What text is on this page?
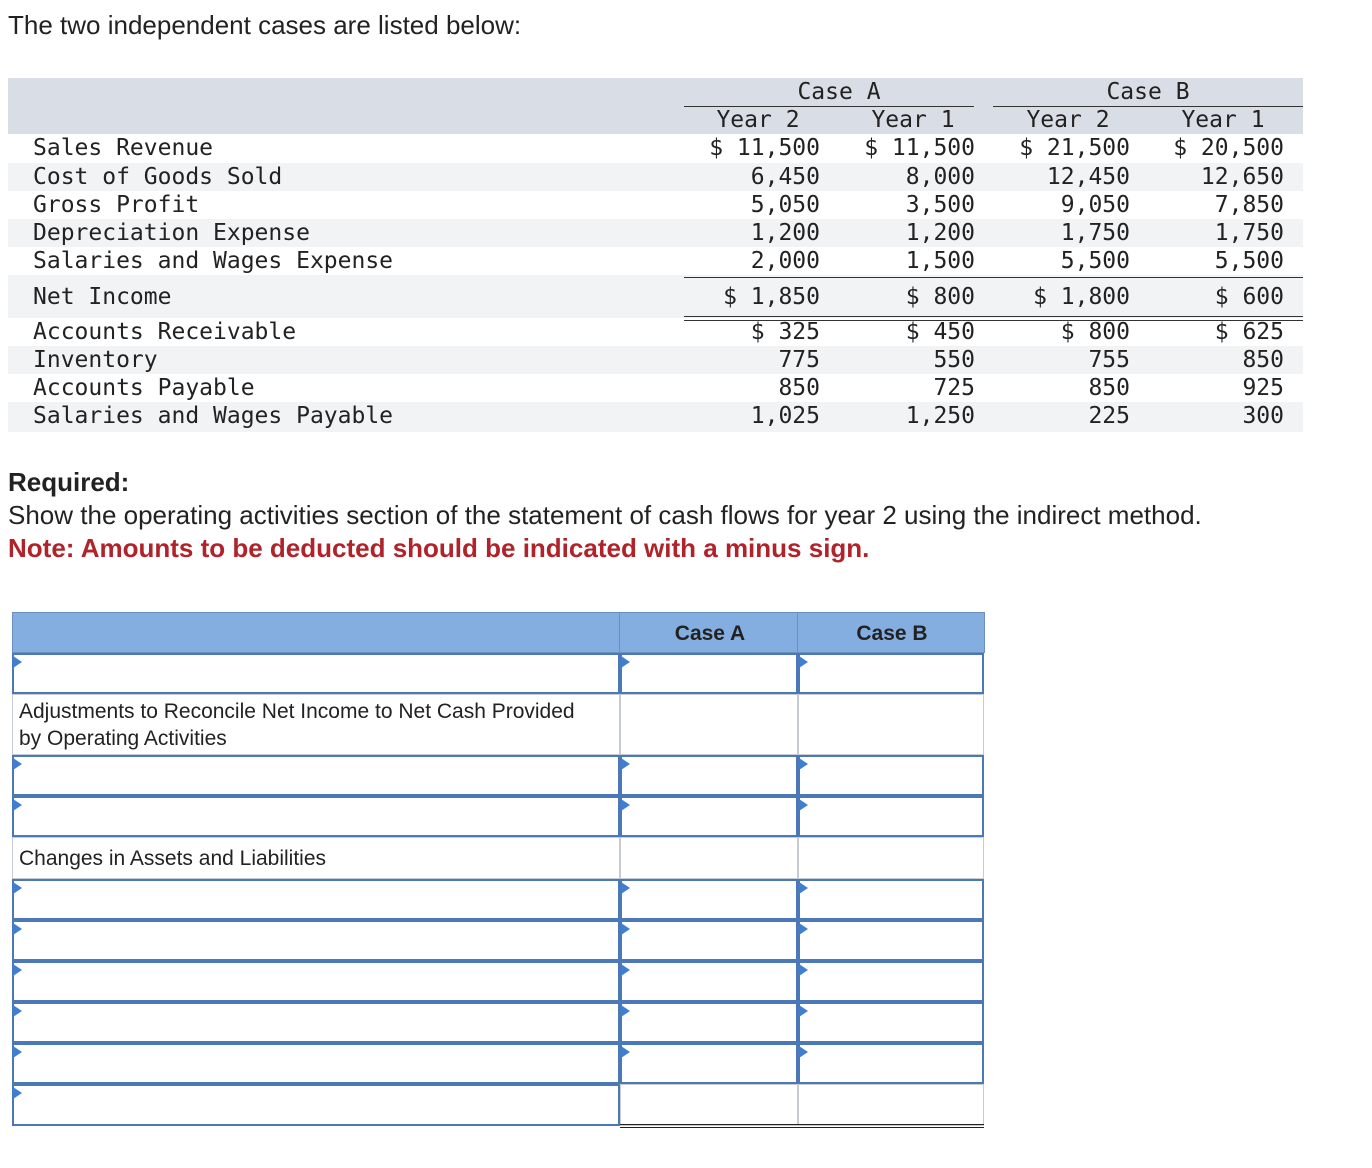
The two independent cases are listed below:
Case A	Case B
Year 2	Year 1	Year 2	Year 1
Sales Revenue	$ 11,500	$ 11,500	$ 21,500	$ 20,500
Cost of Goods Sold	6,450	8,000	12,450	12,650
Gross Profit	5,050	3,500	9,050	7,850
Depreciation Expense	1,200	1,200	1,750	1,750
Salaries and Wages Expense	2,000	1,500	5,500	5,500
Net Income	$ 1,850	$ 800	$ 1,800	$ 600
Accounts Receivable	$ 325	$ 450	$ 800	$ 625
Inventory	775	550	755	850
Accounts Payable	850	725	850	925
Salaries and Wages Payable	1,025	1,250	225	300
Required:
Show the operating activities section of the statement of cash flows for year 2 using the indirect method.
Note: Amounts to be deducted should be indicated with a minus sign.
Case A	Case B
Adjustments to Reconcile Net Income to Net Cash Provided by Operating Activities
Changes in Assets and Liabilities
